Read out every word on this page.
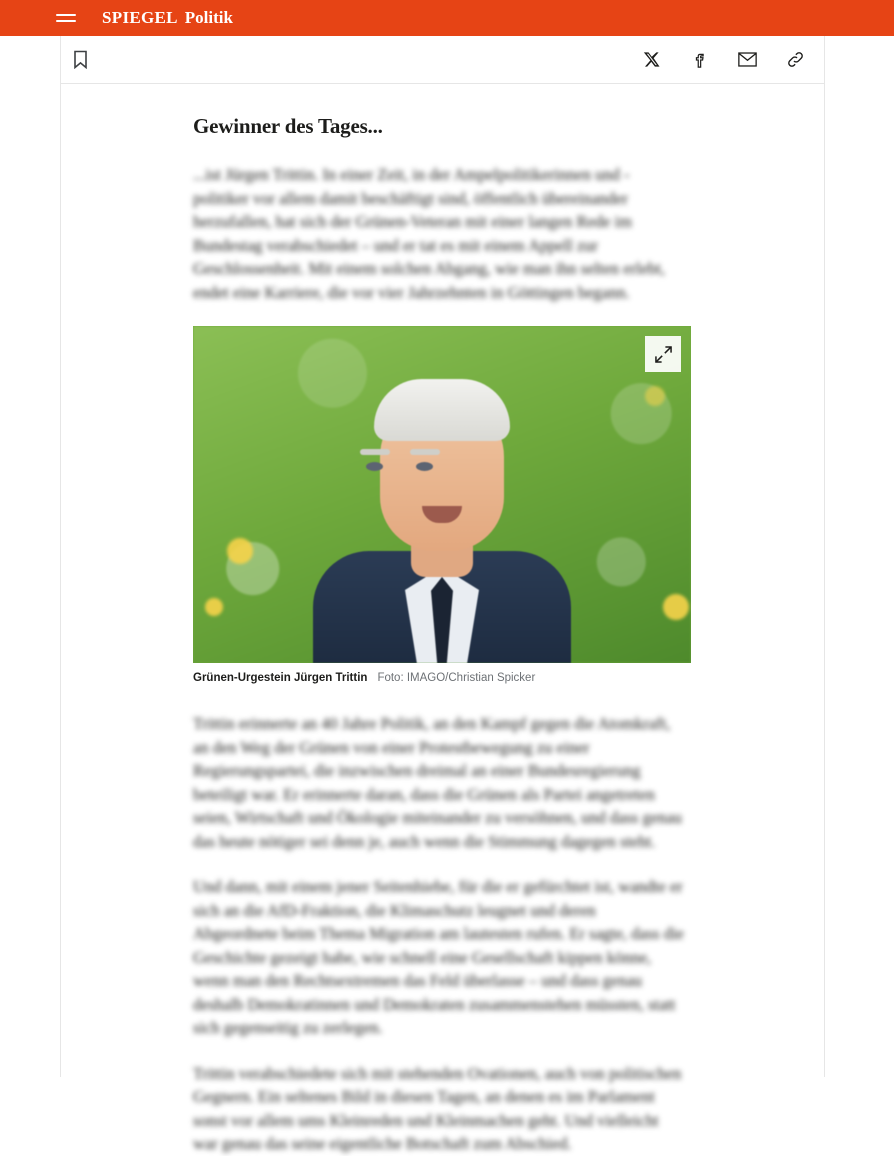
SPIEGEL Politik
Gewinner des Tages...

...ist Jürgen Trittin. In einer Zeit, in der Ampelpolitikerinnen und -politiker vor allem damit beschäftigt sind, öffentlich übereinander herzufallen, hat sich der Grünen-Veteran mit einer langen Rede im Bundestag verabschiedet – und er tat es mit einem Appell zur Geschlossenheit. Mit einem solchen Abgang, wie man ihn selten erlebt, endet eine Karriere, die vor vier Jahrzehnten in Göttingen begann.

Grünen-Urgestein Jürgen Trittin Foto: IMAGO/Christian Spicker

Trittin erinnerte an 40 Jahre Politik, an den Kampf gegen die Atomkraft, an den Weg der Grünen von einer Protestbewegung zu einer Regierungspartei, die inzwischen dreimal an einer Bundesregierung beteiligt war. Er erinnerte daran, dass die Grünen als Partei angetreten seien, Wirtschaft und Ökologie miteinander zu versöhnen, und dass genau das heute nötiger sei denn je, auch wenn die Stimmung dagegen steht.

Und dann, mit einem jener Seitenhiebe, für die er gefürchtet ist, wandte er sich an die AfD-Fraktion, die Klimaschutz leugnet und deren Abgeordnete beim Thema Migration am lautesten rufen. Er sagte, dass die Geschichte gezeigt habe, wie schnell eine Gesellschaft kippen könne, wenn man den Rechtsextremen das Feld überlasse – und dass genau deshalb Demokratinnen und Demokraten zusammenstehen müssten, statt sich gegenseitig zu zerlegen.

Trittin verabschiedete sich mit stehenden Ovationen, auch von politischen Gegnern. Ein seltenes Bild in diesen Tagen, an denen es im Parlament sonst vor allem ums Kleinreden und Kleinmachen geht. Und vielleicht war genau das seine eigentliche Botschaft zum Abschied.
